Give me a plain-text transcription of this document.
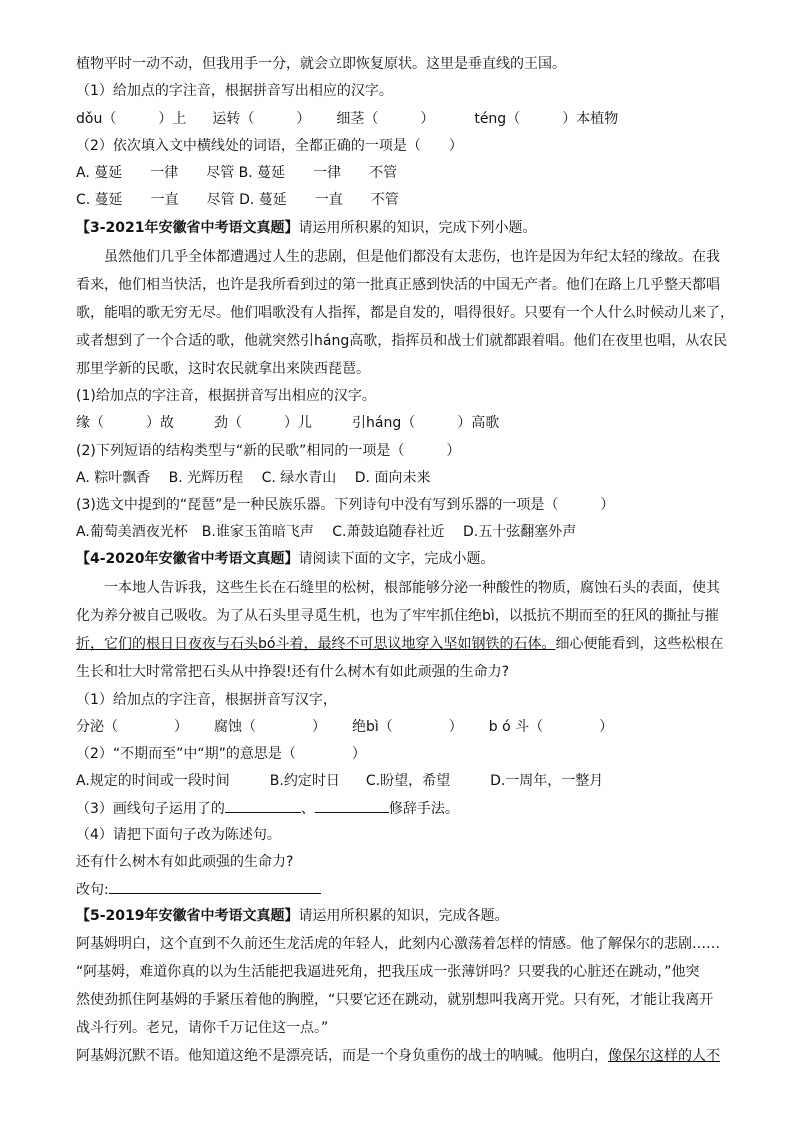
植物平时一动不动，但我用手一分，就会立即恢复原状。这里是垂直线的王国。
（1）给加点的字注音，根据拼音写出相应的汉字。
dǒu（　　　）上 运转（　　　） 细茎（　　　）	téng（　　　）本植物
（2）依次填入文中横线处的词语，全都正确的一项是（　　）
A. 蔓延　　一律　　尽管 B. 蔓延　　一律　　不管
C. 蔓延　　一直　　尽管 D. 蔓延　　一直　　不管
【3-2021年安徽省中考语文真题】请运用所积累的知识，完成下列小题。
虽然他们几乎全体都遭遇过人生的悲剧，但是他们都没有太悲伤，也许是因为年纪太轻的缘故。在我
看来，他们相当快活，也许是我所看到过的第一批真正感到快活的中国无产者。他们在路上几乎整天都唱
歌，能唱的歌无穷无尽。他们唱歌没有人指挥，都是自发的，唱得很好。只要有一个人什么时候动儿来了，
或者想到了一个合适的歌，他就突然引háng高歌，指挥员和战士们就都跟着唱。他们在夜里也唱，从农民
那里学新的民歌，这时农民就拿出来陕西琵琶。
(1)给加点的字注音，根据拼音写出相应的汉字。
缘（　　　）故	劲（　　　）儿	引háng（　　　）高歌
(2)下列短语的结构类型与“新的民歌”相同的一项是（　　　）
A. 粽叶飘香　 B. 光辉历程　 C. 绿水青山　 D. 面向未来
(3)选文中提到的“琵琶”是一种民族乐器。下列诗句中没有写到乐器的一项是（　　　）
A.葡萄美酒夜光杯　B.谁家玉笛暗飞声　 C.萧鼓追随春社近　 D.五十弦翻塞外声
【4-2020年安徽省中考语文真题】请阅读下面的文字，完成小题。
一本地人告诉我，这些生长在石缝里的松树，根部能够分泌一种酸性的物质，腐蚀石头的表面，使其
化为养分被自己吸收。为了从石头里寻觅生机，也为了牢牢抓住绝bì，以抵抗不期而至的狂风的撕扯与摧
折，它们的根日日夜夜与石头bó斗着，最终不可思议地穿入坚如钢铁的石体。细心便能看到，这些松根在
生长和壮大时常常把石头从中挣裂!还有什么树木有如此顽强的生命力?
（1）给加点的字注音，根据拼音写汉字，
分泌（　　　　） 腐蚀（　　　　） 绝bì（　　　　） b ó 斗（　　　　）
（2）“不期而至”中“期”的意思是（　　　　）
A.规定的时间或一段时间	B.约定时日 C.盼望，希望	D.一周年，一整月
（3）画线句子运用了的	、	修辞手法。
（4）请把下面句子改为陈述句。
还有什么树木有如此顽强的生命力?
改句:
【5-2019年安徽省中考语文真题】请运用所积累的知识，完成各题。
阿基姆明白，这个直到不久前还生龙活虎的年轻人，此刻内心激荡着怎样的情感。他了解保尔的悲剧……
“阿基姆，难道你真的以为生活能把我逼进死角，把我压成一张薄饼吗？只要我的心脏还在跳动，”他突
然使劲抓住阿基姆的手紧压着他的胸膛，“只要它还在跳动，就别想叫我离开党。只有死，才能让我离开
战斗行列。老兄，请你千万记住这一点。”
阿基姆沉默不语。他知道这绝不是漂亮话，而是一个身负重伤的战士的呐喊。他明白，像保尔这样的人不
